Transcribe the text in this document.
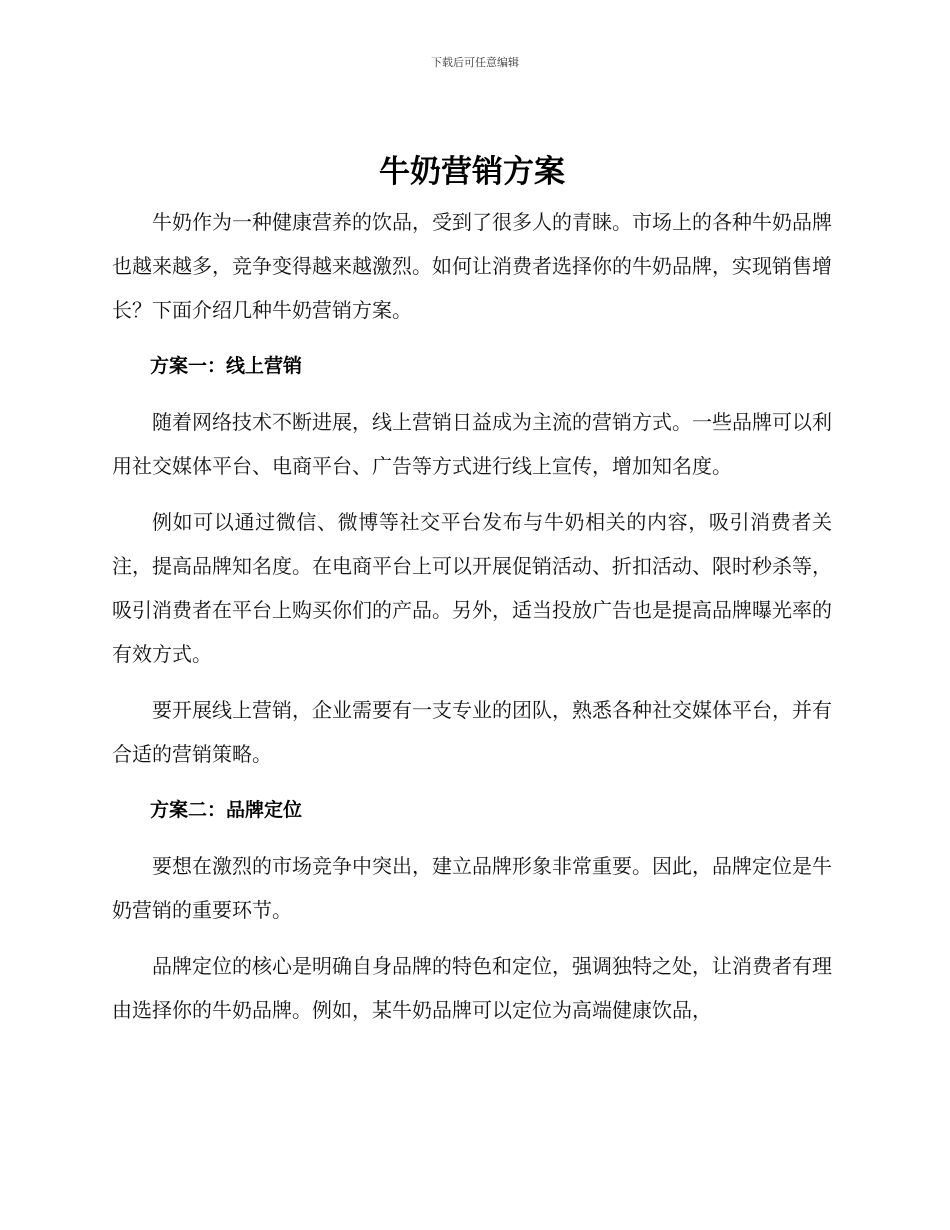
下载后可任意编辑
牛奶营销方案

牛奶作为一种健康营养的饮品，受到了很多人的青睐。市场上的各种牛奶品牌也越来越多，竞争变得越来越激烈。如何让消费者选择你的牛奶品牌，实现销售增长？下面介绍几种牛奶营销方案。

方案一：线上营销

随着网络技术不断进展，线上营销日益成为主流的营销方式。一些品牌可以利用社交媒体平台、电商平台、广告等方式进行线上宣传，增加知名度。

例如可以通过微信、微博等社交平台发布与牛奶相关的内容，吸引消费者关注，提高品牌知名度。在电商平台上可以开展促销活动、折扣活动、限时秒杀等，吸引消费者在平台上购买你们的产品。另外，适当投放广告也是提高品牌曝光率的有效方式。

要开展线上营销，企业需要有一支专业的团队，熟悉各种社交媒体平台，并有合适的营销策略。

方案二：品牌定位

要想在激烈的市场竞争中突出，建立品牌形象非常重要。因此，品牌定位是牛奶营销的重要环节。

品牌定位的核心是明确自身品牌的特色和定位，强调独特之处，让消费者有理由选择你的牛奶品牌。例如，某牛奶品牌可以定位为高端健康饮品，
